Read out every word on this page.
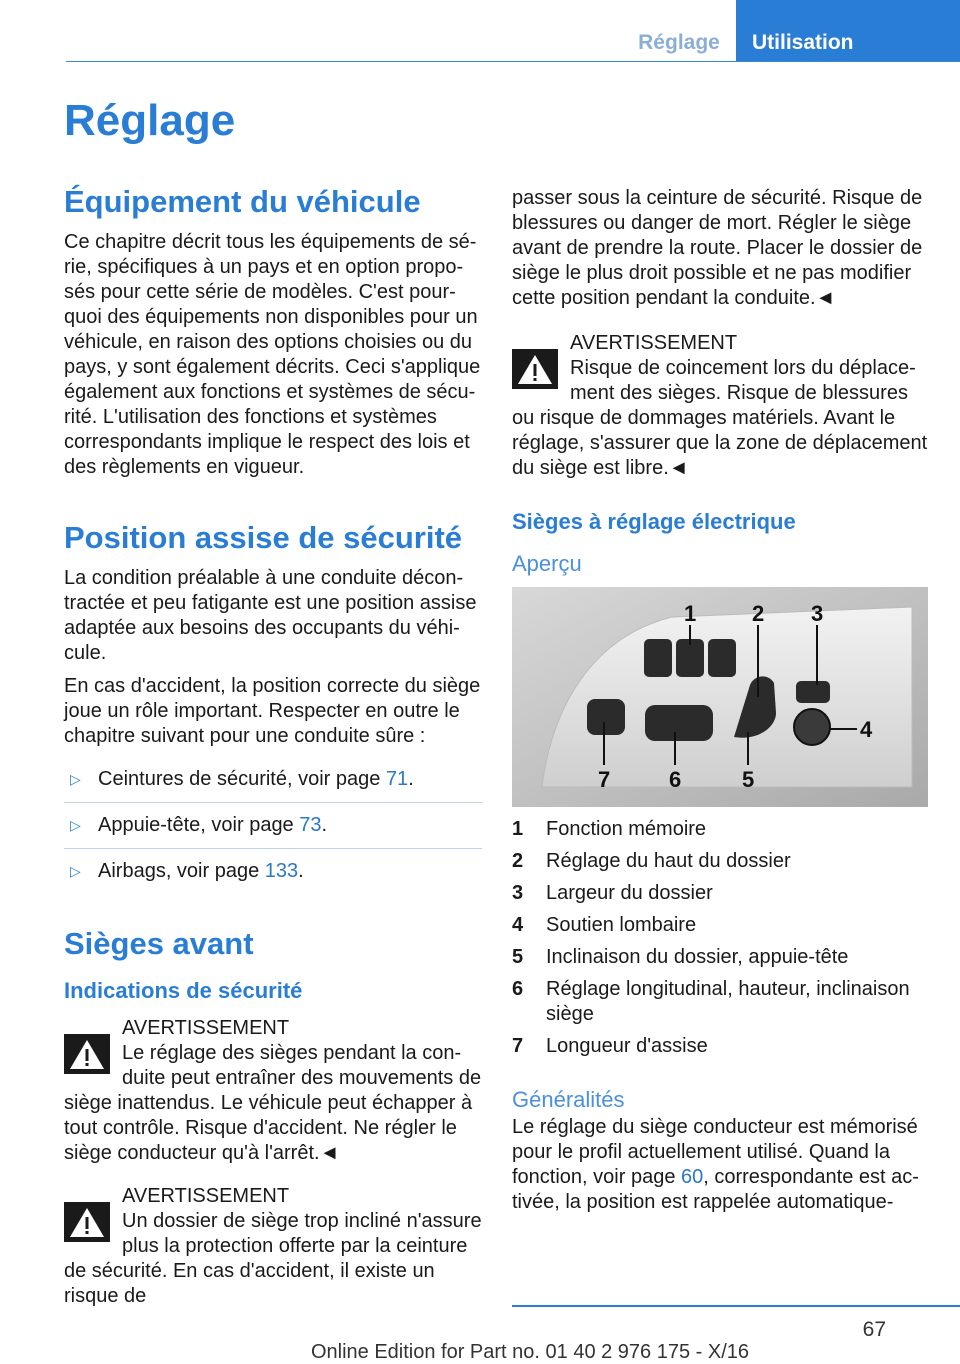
Réglage	Utilisation
Réglage
Équipement du véhicule

Ce chapitre décrit tous les équipements de série, spécifiques à un pays et en option proposés pour cette série de modèles. C'est pourquoi des équipements non disponibles pour un véhicule, en raison des options choisies ou du pays, y sont également décrits. Ceci s'applique également aux fonctions et systèmes de sécurité. L'utilisation des fonctions et systèmes correspondants implique le respect des lois et des règlements en vigueur.

Position assise de sécurité

La condition préalable à une conduite décontractée et peu fatigante est une position assise adaptée aux besoins des occupants du véhicule.

En cas d'accident, la position correcte du siège joue un rôle important. Respecter en outre le chapitre suivant pour une conduite sûre :

▷ Ceintures de sécurité, voir page 71.
▷ Appuie-tête, voir page 73.
▷ Airbags, voir page 133.
Sièges avant
Indications de sécurité
AVERTISSEMENT
Le réglage des sièges pendant la conduite peut entraîner des mouvements de siège inattendus. Le véhicule peut échapper à tout contrôle. Risque d'accident. Ne régler le siège conducteur qu'à l'arrêt.◄
AVERTISSEMENT
Un dossier de siège trop incliné n'assure plus la protection offerte par la ceinture de sécurité. En cas d'accident, il existe un risque de

passer sous la ceinture de sécurité. Risque de blessures ou danger de mort. Régler le siège avant de prendre la route. Placer le dossier de siège le plus droit possible et ne pas modifier cette position pendant la conduite.◄

AVERTISSEMENT
Risque de coincement lors du déplacement des sièges. Risque de blessures ou risque de dommages matériels. Avant le réglage, s'assurer que la zone de déplacement du siège est libre.◄
Sièges à réglage électrique
Aperçu
1	2 3
4
5
6
7
1	Fonction mémoire
2	Réglage du haut du dossier
3	Largeur du dossier
4	Soutien lombaire
5	Inclinaison du dossier, appuie-tête
6	Réglage longitudinal, hauteur, inclinaison siège
7	Longueur d'assise
Généralités

Le réglage du siège conducteur est mémorisé pour le profil actuellement utilisé. Quand la fonction, voir page 60, correspondante est activée, la position est rappelée automatique-

67
Online Edition for Part no. 01 40 2 976 175 - X/16
